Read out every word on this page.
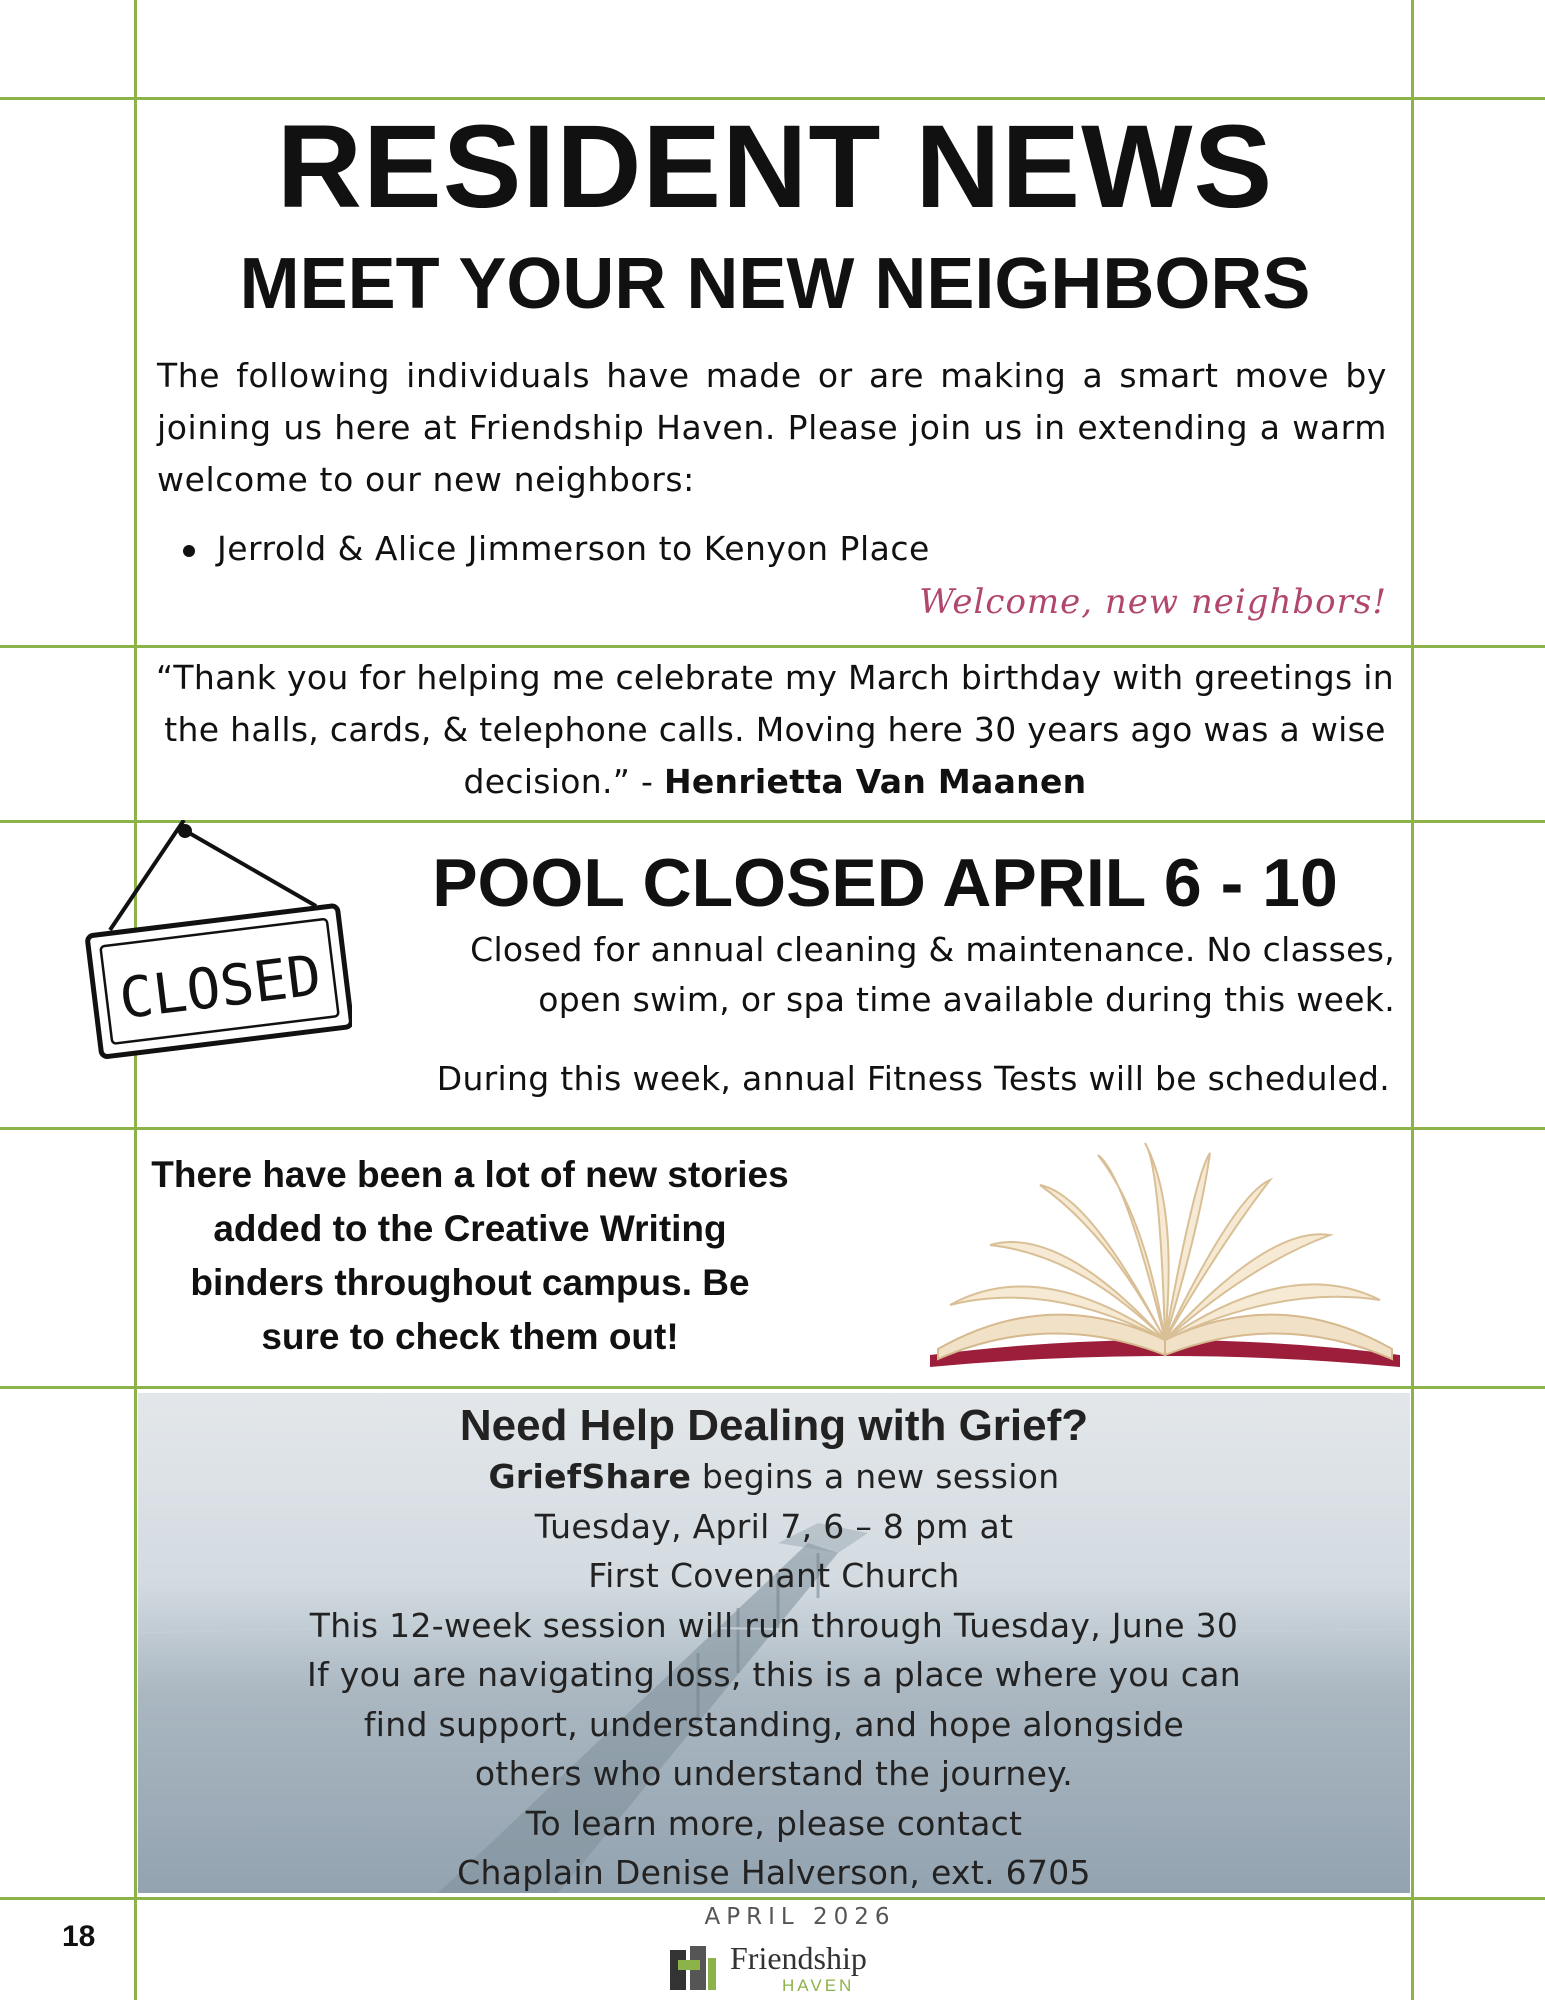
RESIDENT NEWS
MEET YOUR NEW NEIGHBORS
The following individuals have made or are making a smart move by joining us here at Friendship Haven. Please join us in extending a warm welcome to our new neighbors:
Jerrold & Alice Jimmerson to Kenyon Place
Welcome, new neighbors!
“Thank you for helping me celebrate my March birthday with greetings in the halls, cards, & telephone calls. Moving here 30 years ago was a wise decision.” - Henrietta Van Maanen
CLOSED
POOL CLOSED APRIL 6 - 10
Closed for annual cleaning & maintenance. No classes,
open swim, or spa time available during this week.
During this week, annual Fitness Tests will be scheduled.
There have been a lot of new stories added to the Creative Writing binders throughout campus. Be sure to check them out!
Need Help Dealing with Grief?
GriefShare begins a new session
Tuesday, April 7, 6 – 8 pm at
First Covenant Church
This 12-week session will run through Tuesday, June 30
If you are navigating loss, this is a place where you can
find support, understanding, and hope alongside
others who understand the journey.
To learn more, please contact
Chaplain Denise Halverson, ext. 6705
18
APRIL 2026
Friendship
HAVEN
